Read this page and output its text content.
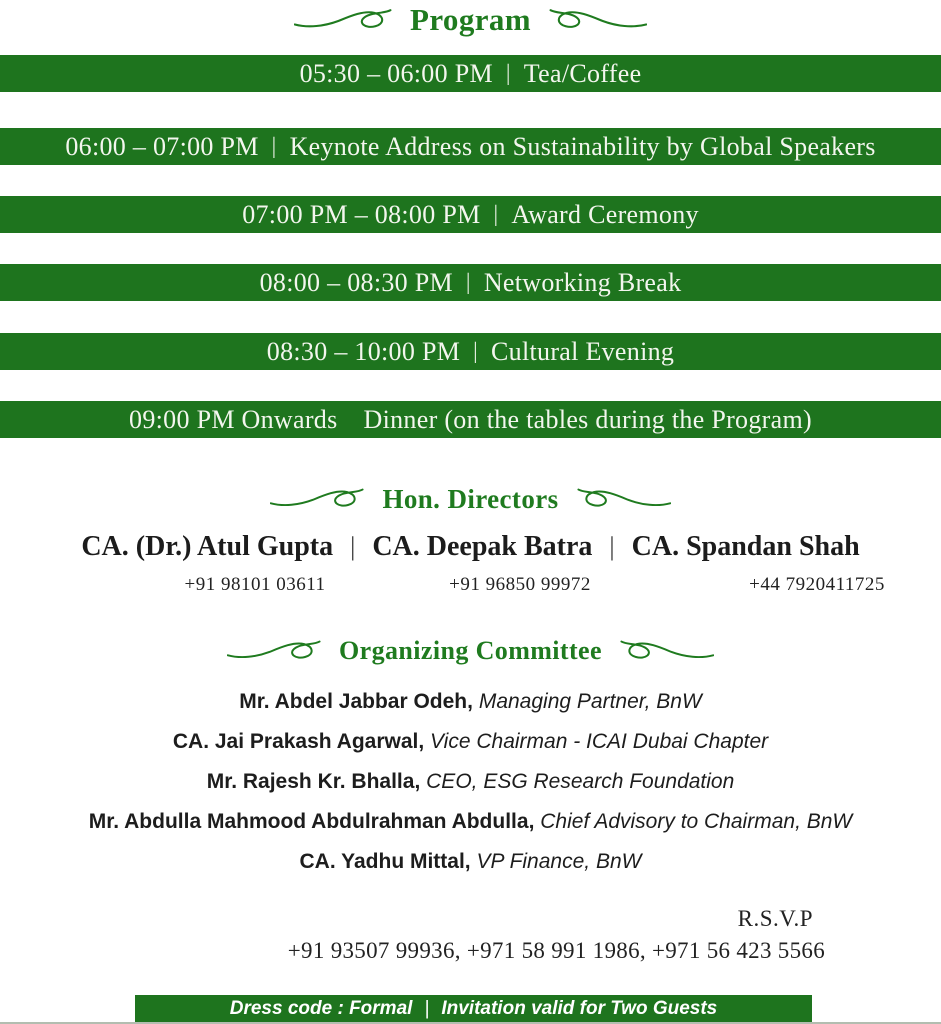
Program
05:30 – 06:00 PM | Tea/Coffee
06:00 – 07:00 PM | Keynote Address on Sustainability by Global Speakers
07:00 PM – 08:00 PM | Award Ceremony
08:00 – 08:30 PM | Networking Break
08:30 – 10:00 PM | Cultural Evening
09:00 PM Onwards Dinner (on the tables during the Program)
Hon. Directors
CA. (Dr.) Atul Gupta | CA. Deepak Batra | CA. Spandan Shah
+91 98101 03611	+91 96850 99972	+44 7920411725
Organizing Committee
Mr. Abdel Jabbar Odeh, Managing Partner, BnW
CA. Jai Prakash Agarwal, Vice Chairman - ICAI Dubai Chapter
Mr. Rajesh Kr. Bhalla, CEO, ESG Research Foundation
Mr. Abdulla Mahmood Abdulrahman Abdulla, Chief Advisory to Chairman, BnW
CA. Yadhu Mittal, VP Finance, BnW
R.S.V.P
+91 93507 99936, +971 58 991 1986, +971 56 423 5566
Dress code : Formal | Invitation valid for Two Guests
